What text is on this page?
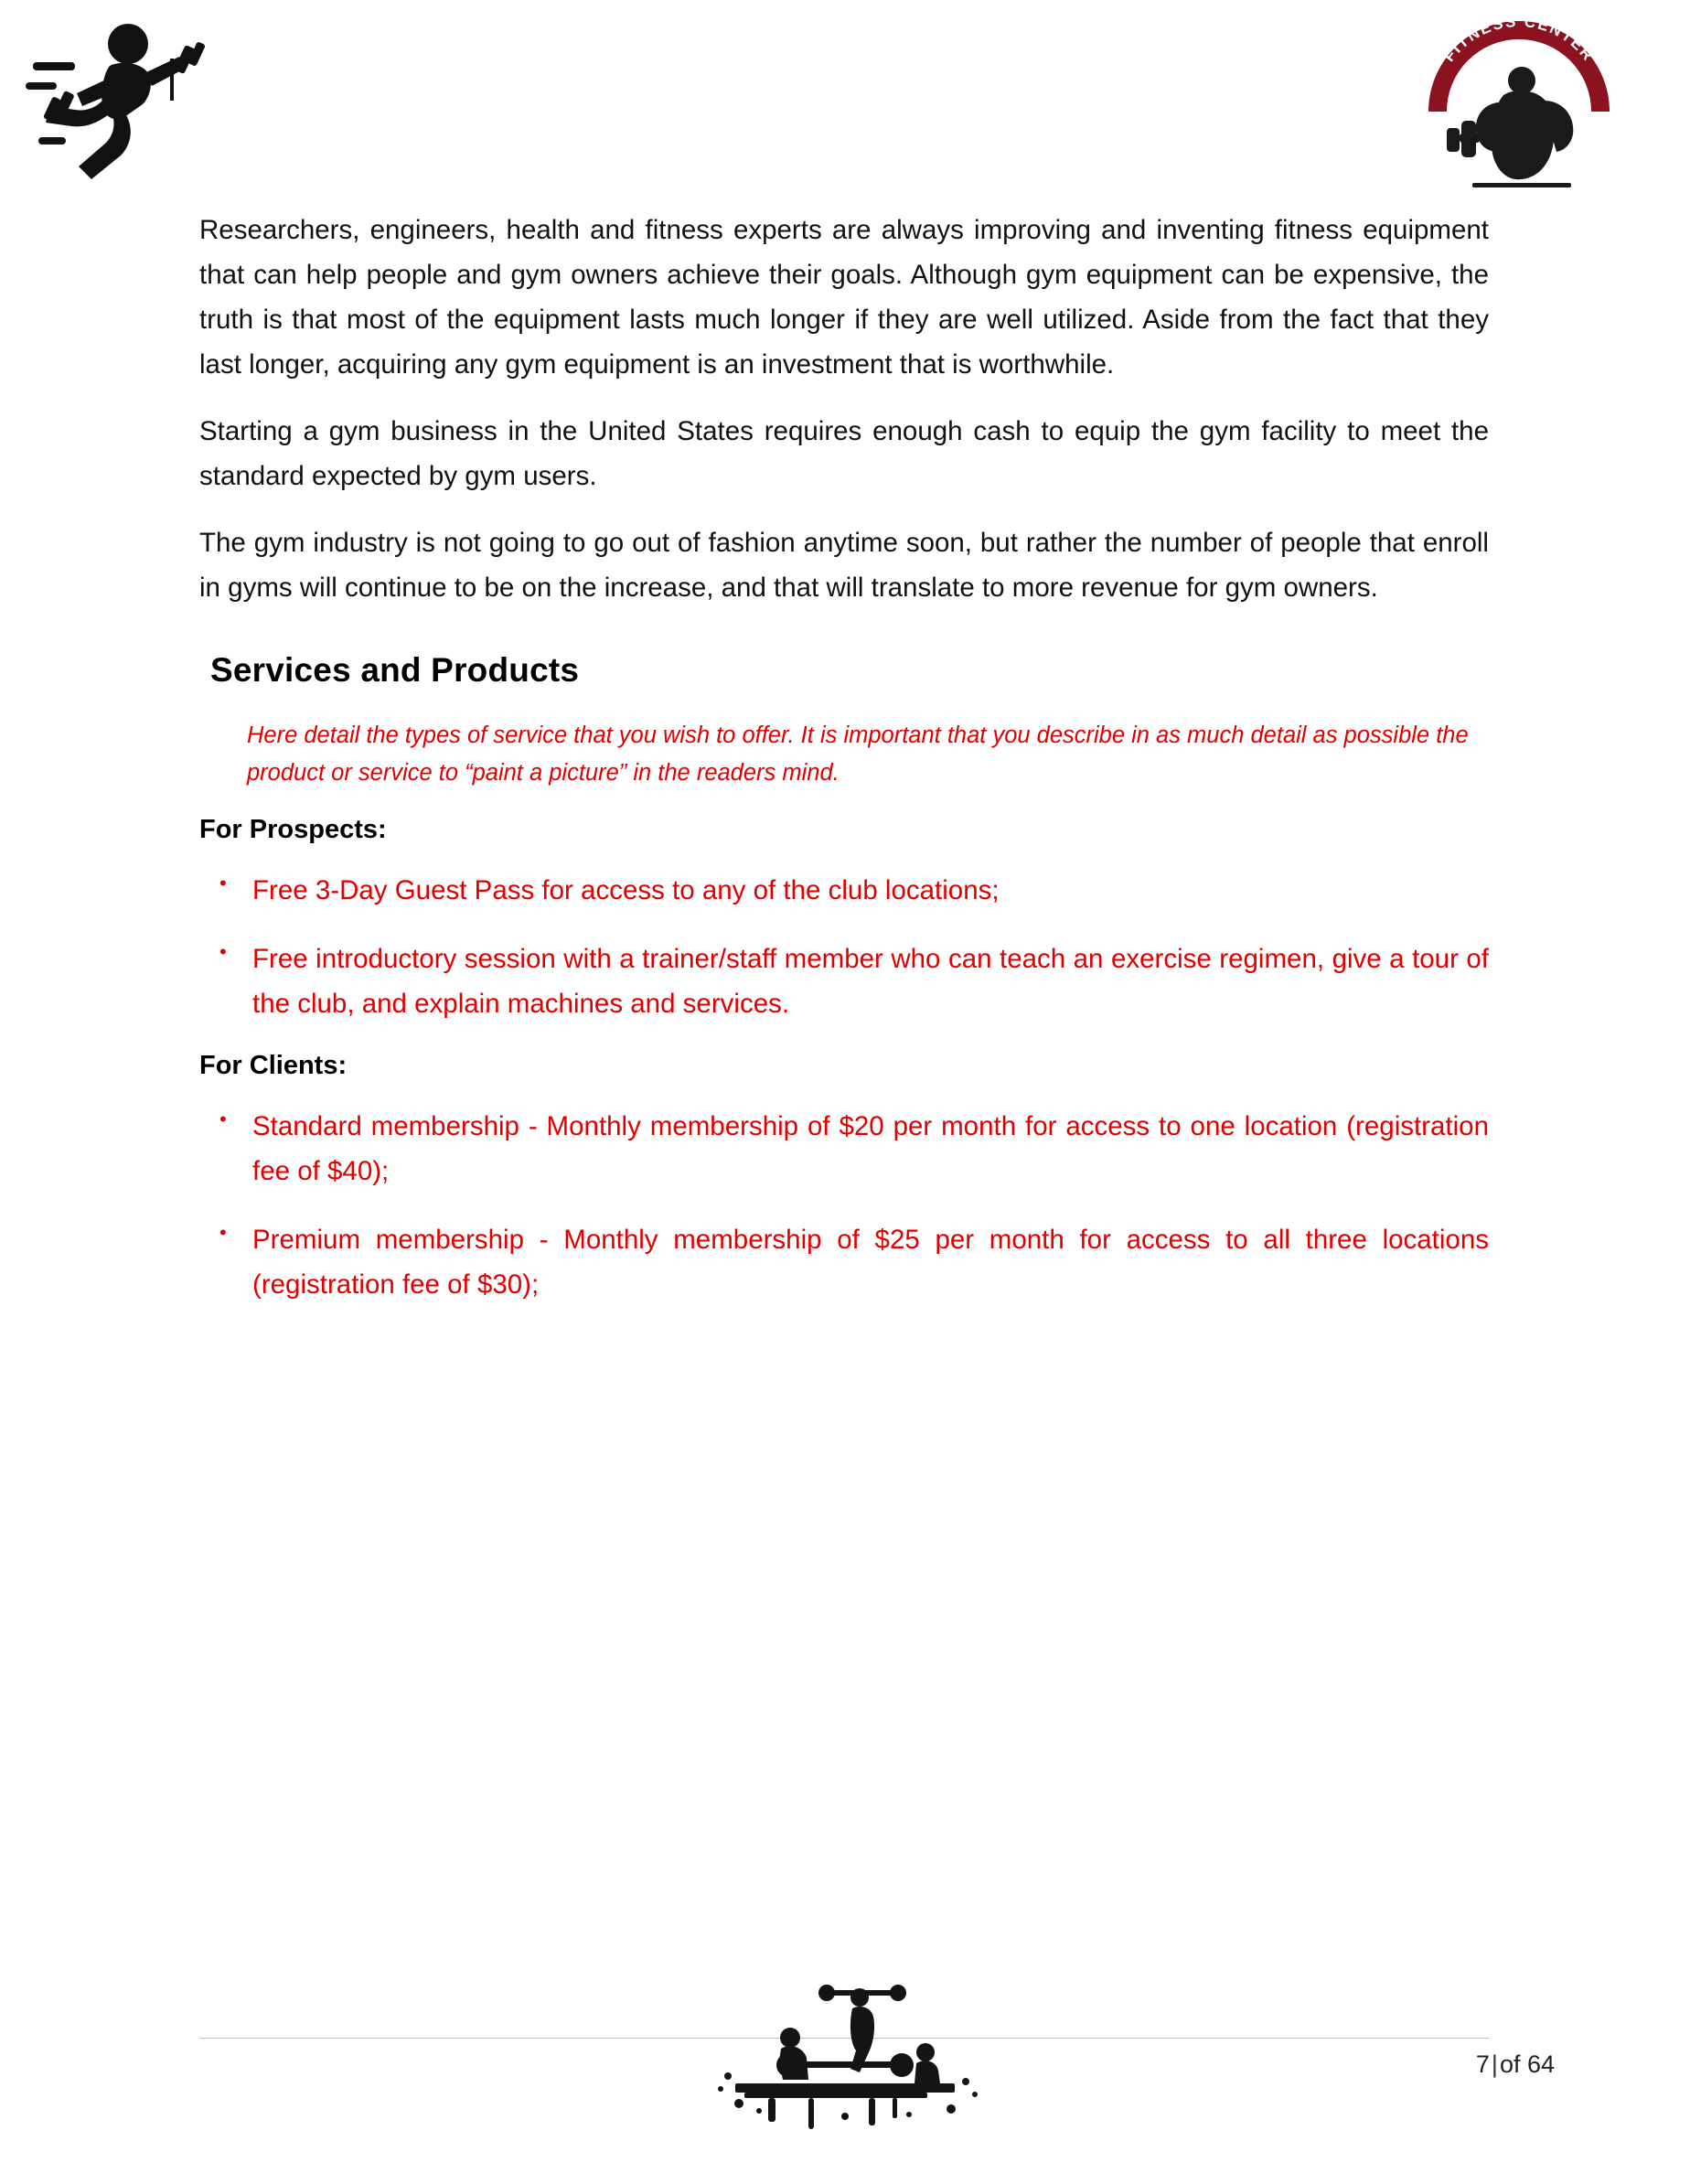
FITNESS CENTER

Researchers, engineers, health and fitness experts are always improving and inventing fitness equipment that can help people and gym owners achieve their goals. Although gym equipment can be expensive, the truth is that most of the equipment lasts much longer if they are well utilized. Aside from the fact that they last longer, acquiring any gym equipment is an investment that is worthwhile.

Starting a gym business in the United States requires enough cash to equip the gym facility to meet the standard expected by gym users.

The gym industry is not going to go out of fashion anytime soon, but rather the number of people that enroll in gyms will continue to be on the increase, and that will translate to more revenue for gym owners.

Services and Products

Here detail the types of service that you wish to offer. It is important that you describe in as much detail as possible the product or service to “paint a picture” in the readers mind.

For Prospects:

• Free 3-Day Guest Pass for access to any of the club locations;
• Free introductory session with a trainer/staff member who can teach an exercise regimen, give a tour of the club, and explain machines and services.

For Clients:

• Standard membership - Monthly membership of $20 per month for access to one location (registration fee of $40);
• Premium membership - Monthly membership of $25 per month for access to all three locations (registration fee of $30);
7|of 64
